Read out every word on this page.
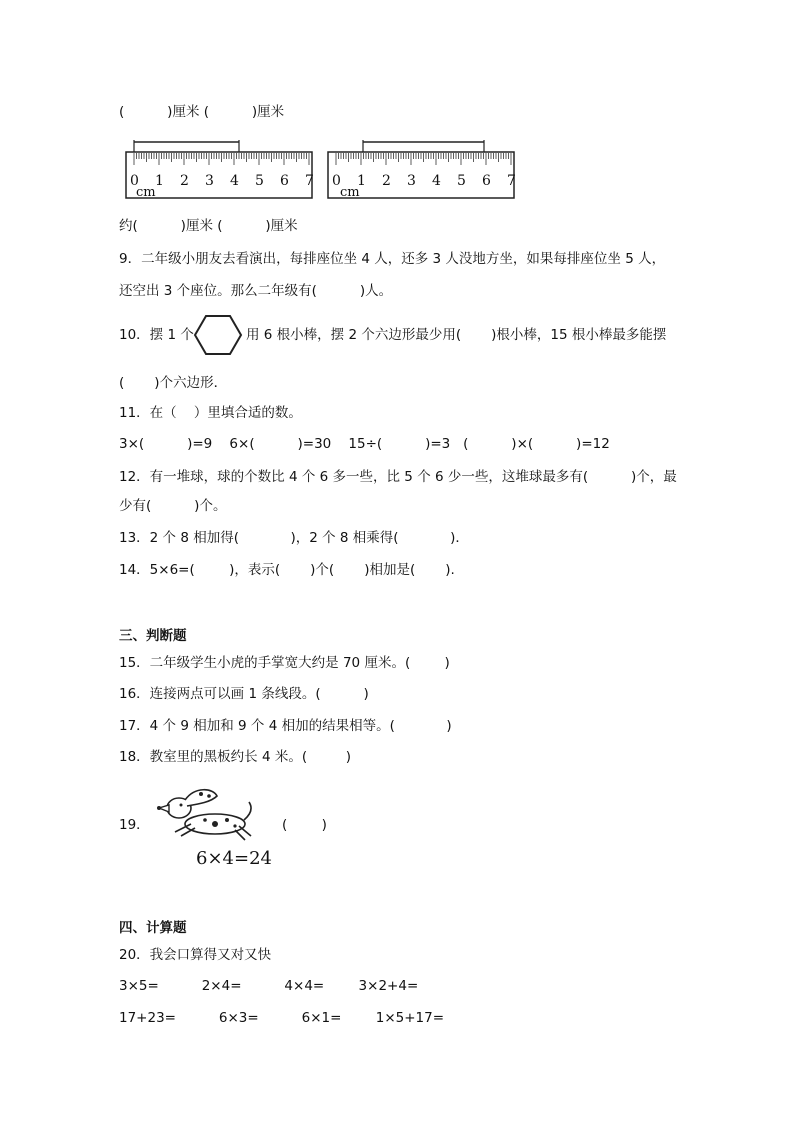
(          )厘米 (          )厘米
0 1 2 3 4 5 6 7
cm
0 1 2 3 4 5 6 7
cm
约(          )厘米 (          )厘米
9．二年级小朋友去看演出，每排座位坐 4 人，还多 3 人没地方坐，如果每排座位坐 5 人，
还空出 3 个座位。那么二年级有(          )人。
10．摆 1 个	用 6 根小棒，摆 2 个六边形最少用(       )根小棒，15 根小棒最多能摆
(       )个六边形．
11．在（    ）里填合适的数。
3×(          )=9    6×(          )=30    15÷(          )=3   (          )×(          )=12
12．有一堆球，球的个数比 4 个 6 多一些，比 5 个 6 少一些，这堆球最多有(          )个，最
少有(          )个。
13．2 个 8 相加得(            )，2 个 8 相乘得(            )．
14．5×6=(        )，表示(       )个(       )相加是(       ).
三、判断题
15．二年级学生小虎的手掌宽大约是 70 厘米。(        )
16．连接两点可以画 1 条线段。(          )
17．4 个 9 相加和 9 个 4 相加的结果相等。(            )
18．教室里的黑板约长 4 米。(         )
19．	(        )
6×4=24
四、计算题
20．我会口算得又对又快
3×5=          2×4=          4×4=        3×2+4=
17+23=          6×3=          6×1=        1×5+17=
